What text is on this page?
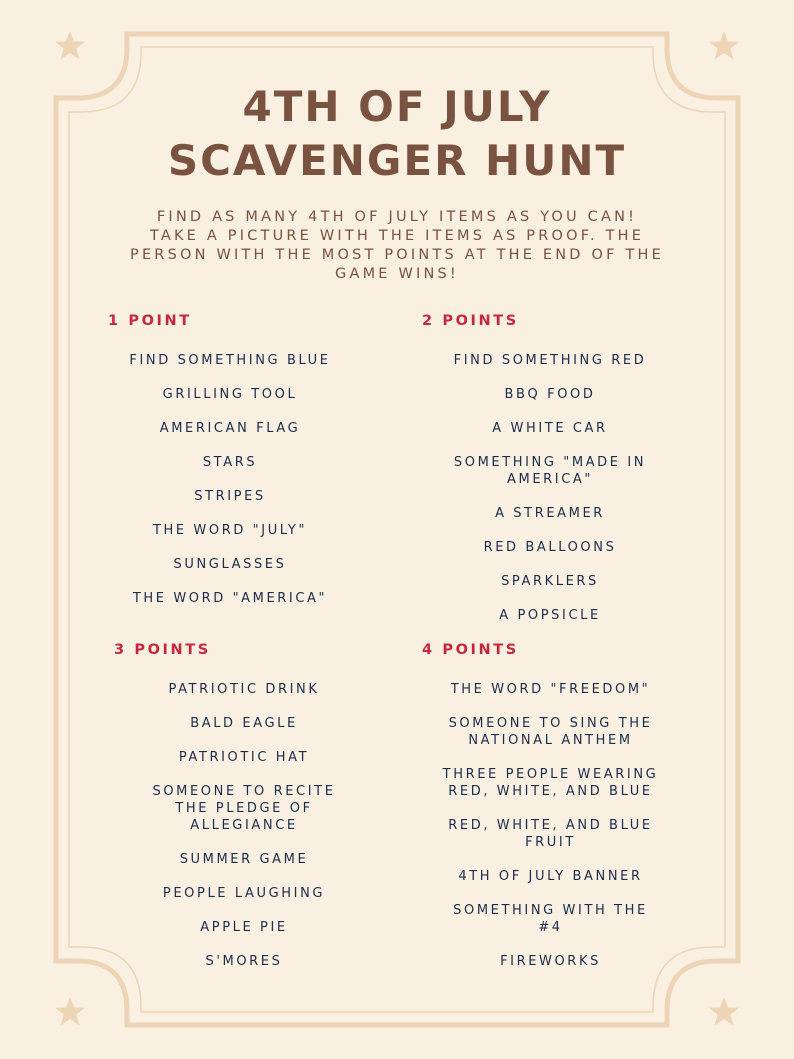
4TH OF JULY
SCAVENGER HUNT

FIND AS MANY 4TH OF JULY ITEMS AS YOU CAN!
TAKE A PICTURE WITH THE ITEMS AS PROOF. THE
PERSON WITH THE MOST POINTS AT THE END OF THE
GAME WINS!

1 POINT
FIND SOMETHING BLUE
GRILLING TOOL
AMERICAN FLAG
STARS
STRIPES
THE WORD "JULY"
SUNGLASSES
THE WORD "AMERICA"
2 POINTS
FIND SOMETHING RED
BBQ FOOD
A WHITE CAR
SOMETHING "MADE IN
AMERICA"
A STREAMER
RED BALLOONS
SPARKLERS
A POPSICLE
3 POINTS
PATRIOTIC DRINK
BALD EAGLE
PATRIOTIC HAT
SOMEONE TO RECITE
THE PLEDGE OF
ALLEGIANCE
SUMMER GAME
PEOPLE LAUGHING
APPLE PIE
S'MORES
4 POINTS
THE WORD "FREEDOM"
SOMEONE TO SING THE
NATIONAL ANTHEM
THREE PEOPLE WEARING
RED, WHITE, AND BLUE
RED, WHITE, AND BLUE
FRUIT
4TH OF JULY BANNER
SOMETHING WITH THE
#4
FIREWORKS
